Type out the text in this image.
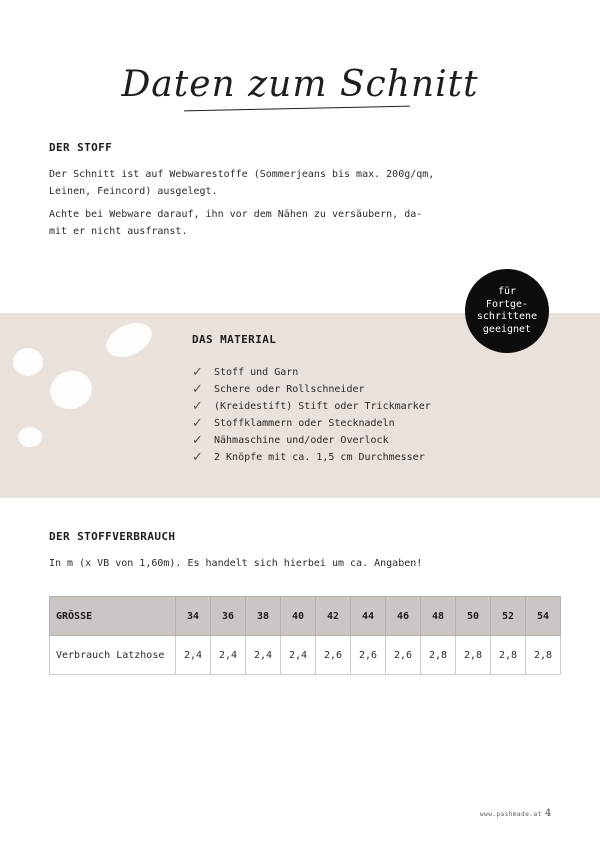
Daten zum Schnitt
DER STOFF

Der Schnitt ist auf Webwarestoffe (Sommerjeans bis max. 200g/qm,

Leinen, Feincord) ausgelegt.

Achte bei Webware darauf, ihn vor dem Nähen zu versäubern, da-

mit er nicht ausfranst.

für
Fortge-
schrittene
geeignet
DAS MATERIAL
✓	Stoff und Garn
✓	Schere oder Rollschneider
✓	(Kreidestift) Stift oder Trickmarker
✓	Stoffklammern oder Stecknadeln
✓	Nähmaschine und/oder Overlock
✓	2 Knöpfe mit ca. 1,5 cm Durchmesser
DER STOFFVERBRAUCH

In m (x VB von 1,60m). Es handelt sich hierbei um ca. Angaben!

GRÖSSE	34	36	38	40	42	44	46	48	50	52	54
Verbrauch Latzhose	2,4	2,4	2,4	2,4	2,6	2,6	2,6	2,8	2,8	2,8	2,8
www.pashmade.at 4
